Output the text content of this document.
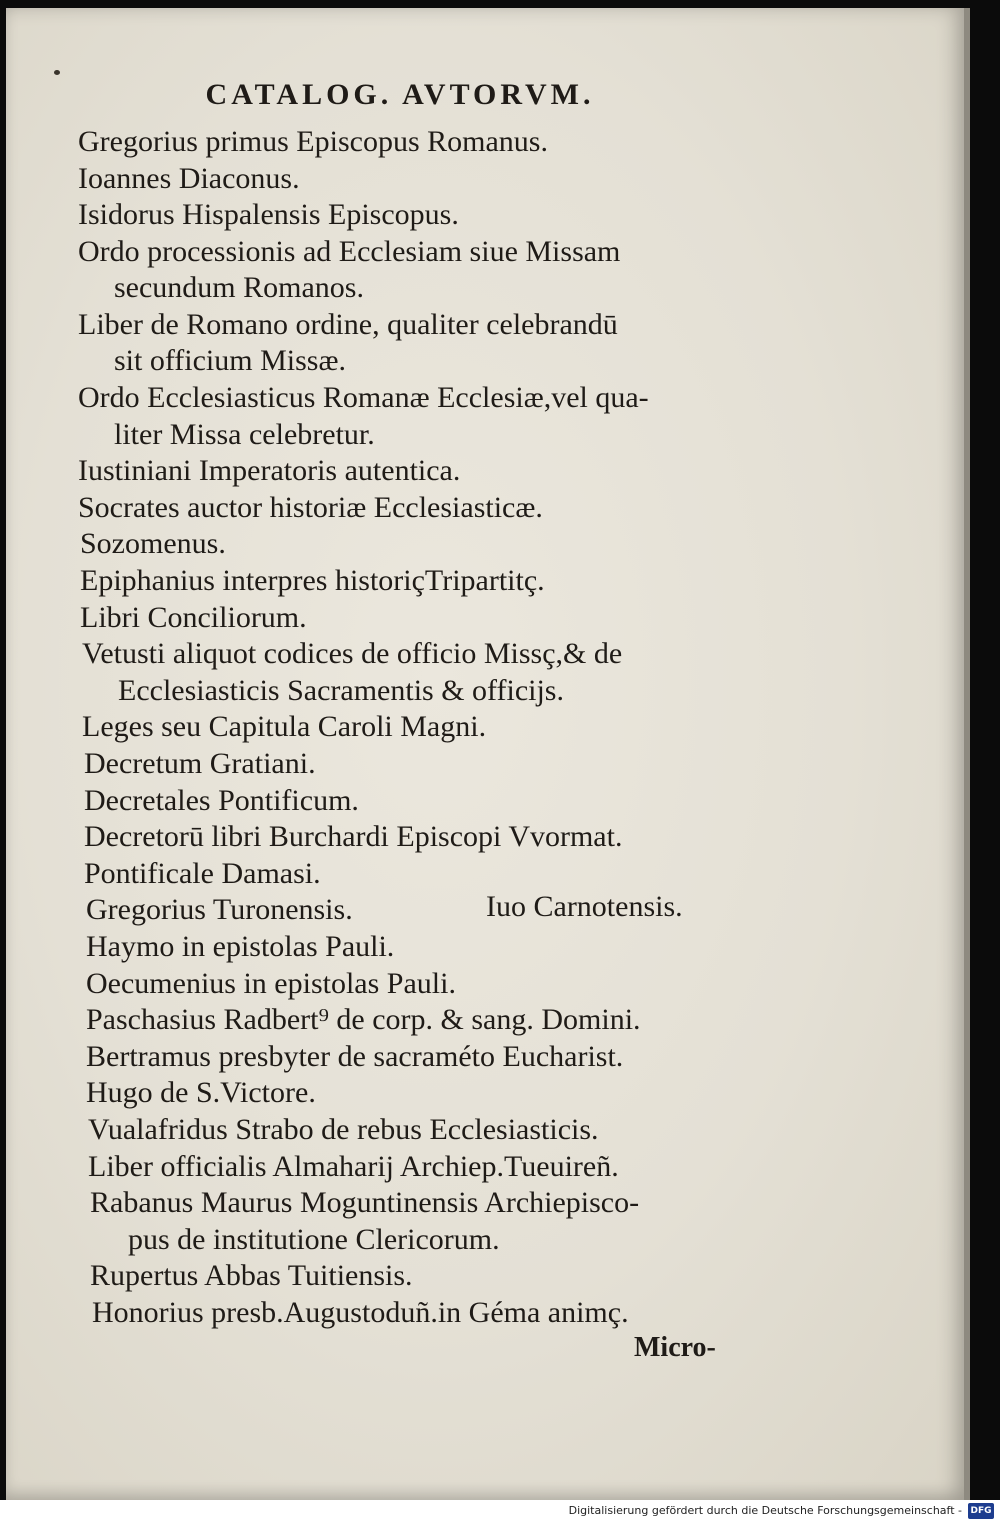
CATALOG. AVTORVM.
Gregorius primus Episcopus Romanus.
Ioannes Diaconus.
Isidorus Hispalensis Episcopus.
Ordo processionis ad Ecclesiam siue Missam
secundum Romanos.
Liber de Romano ordine, qualiter celebrandū
sit officium Missæ.
Ordo Ecclesiasticus Romanæ Ecclesiæ,vel qua-
liter Missa celebretur.
Iustiniani Imperatoris autentica.
Socrates auctor historiæ Ecclesiasticæ.
Sozomenus.
Epiphanius interpres historiçTripartitç.
Libri Conciliorum.
Vetusti aliquot codices de officio Missç,& de
Ecclesiasticis Sacramentis & officijs.
Leges seu Capitula Caroli Magni.
Decretum Gratiani.
Decretales Pontificum.
Decretorū libri Burchardi Episcopi Vvormat.
Pontificale Damasi.
Gregorius Turonensis.	Iuo Carnotensis.
Haymo in epistolas Pauli.
Oecumenius in epistolas Pauli.
Paschasius Radbert⁹ de corp. & sang. Domini.
Bertramus presbyter de sacraméto Eucharist.
Hugo de S.Victore.
Vualafridus Strabo de rebus Ecclesiasticis.
Liber officialis Almaharij Archiep.Tueuireñ.
Rabanus Maurus Moguntinensis Archiepisco-
pus de institutione Clericorum.
Rupertus Abbas Tuitiensis.
Honorius presb.Augustoduñ.in Géma animç.
Micro-
Digitalisierung gefördert durch die Deutsche Forschungsgemeinschaft - DFG
